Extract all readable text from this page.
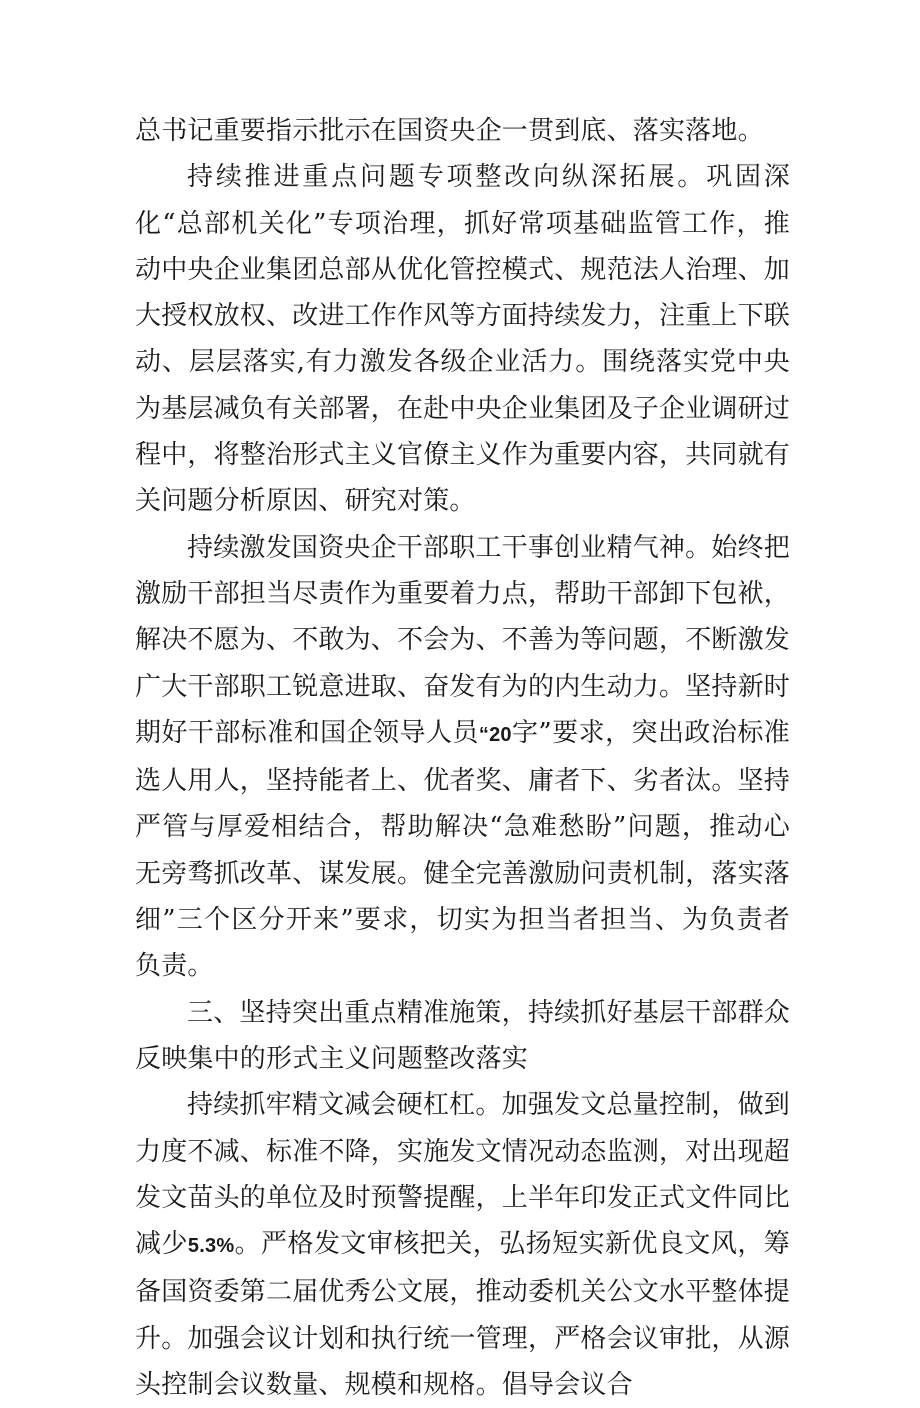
总书记重要指示批示在国资央企一贯到底、落实落地。

持续推进重点问题专项整改向纵深拓展。巩固深化“总部机关化”专项治理，抓好常项基础监管工作，推动中央企业集团总部从优化管控模式、规范法人治理、加大授权放权、改进工作作风等方面持续发力，注重上下联动、层层落实,有力激发各级企业活力。围绕落实党中央为基层减负有关部署，在赴中央企业集团及子企业调研过程中，将整治形式主义官僚主义作为重要内容，共同就有关问题分析原因、研究对策。

持续激发国资央企干部职工干事创业精气神。始终把激励干部担当尽责作为重要着力点，帮助干部卸下包袱，解决不愿为、不敢为、不会为、不善为等问题，不断激发广大干部职工锐意进取、奋发有为的内生动力。坚持新时期好干部标准和国企领导人员“20字”要求，突出政治标准选人用人，坚持能者上、优者奖、庸者下、劣者汰。坚持严管与厚爱相结合，帮助解决“急难愁盼”问题，推动心无旁骛抓改革、谋发展。健全完善激励问责机制，落实落细”三个区分开来”要求，切实为担当者担当、为负责者负责。

三、坚持突出重点精准施策，持续抓好基层干部群众反映集中的形式主义问题整改落实

持续抓牢精文减会硬杠杠。加强发文总量控制，做到力度不减、标准不降，实施发文情况动态监测，对出现超发文苗头的单位及时预警提醒，上半年印发正式文件同比减少5.3%。严格发文审核把关，弘扬短实新优良文风，筹备国资委第二届优秀公文展，推动委机关公文水平整体提升。加强会议计划和执行统一管理，严格会议审批，从源头控制会议数量、规模和规格。倡导会议合
